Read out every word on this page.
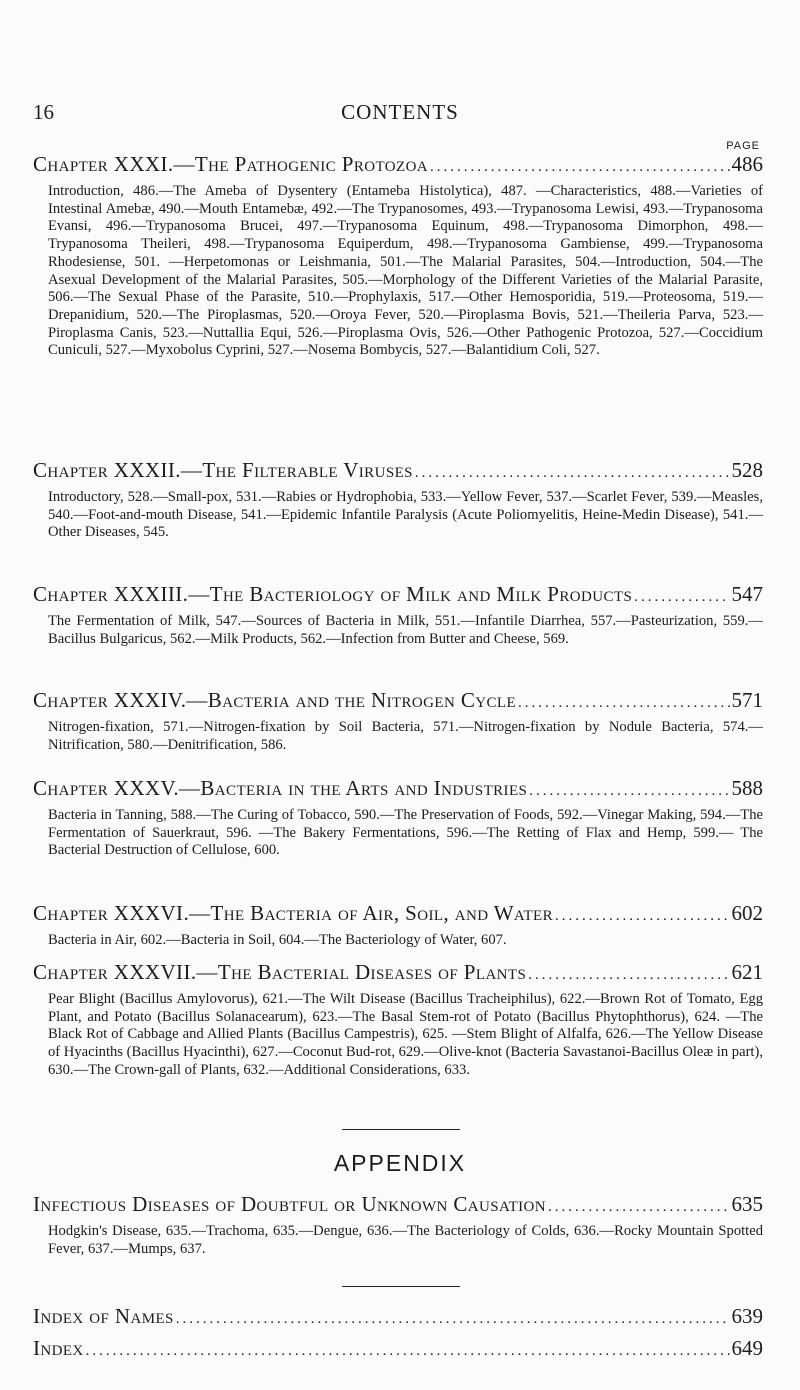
16	CONTENTS
PAGE
Chapter XXXI.—The Pathogenic Protozoa .....	486
Introduction, 486.—The Ameba of Dysentery (Entameba Histolytica), 487. —Characteristics, 488.—Varieties of Intestinal Amebæ, 490.—Mouth Entamebæ, 492.—The Trypanosomes, 493.—Trypanosoma Lewisi, 493.—Trypanosoma Evansi, 496.—Trypanosoma Brucei, 497.—Trypanosoma Equinum, 498.—Trypanosoma Dimorphon, 498.—Trypanosoma Theileri, 498.—Trypanosoma Equiperdum, 498.—Trypanosoma Gambiense, 499.—Trypanosoma Rhodesiense, 501. —Herpetomonas or Leishmania, 501.—The Malarial Parasites, 504.—Introduction, 504.—The Asexual Development of the Malarial Parasites, 505.—Morphology of the Different Varieties of the Malarial Parasite, 506.—The Sexual Phase of the Parasite, 510.—Prophylaxis, 517.—Other Hemosporidia, 519.—Proteosoma, 519.—Drepanidium, 520.—The Piroplasmas, 520.—Oroya Fever, 520.—Piroplasma Bovis, 521.—Theileria Parva, 523.—Piroplasma Canis, 523.—Nuttallia Equi, 526.—Piroplasma Ovis, 526.—Other Pathogenic Protozoa, 527.—Coccidium Cuniculi, 527.—Myxobolus Cyprini, 527.—Nosema Bombycis, 527.—Balantidium Coli, 527.
Chapter XXXII.—The Filterable Viruses .....	528
Introductory, 528.—Small-pox, 531.—Rabies or Hydrophobia, 533.—Yellow Fever, 537.—Scarlet Fever, 539.—Measles, 540.—Foot-and-mouth Disease, 541.—Epidemic Infantile Paralysis (Acute Poliomyelitis, Heine-Medin Disease), 541.—Other Diseases, 545.
Chapter XXXIII.—The Bacteriology of Milk and Milk Products .....	547
The Fermentation of Milk, 547.—Sources of Bacteria in Milk, 551.—Infantile Diarrhea, 557.—Pasteurization, 559.—Bacillus Bulgaricus, 562.—Milk Products, 562.—Infection from Butter and Cheese, 569.
Chapter XXXIV.—Bacteria and the Nitrogen Cycle .....	571
Nitrogen-fixation, 571.—Nitrogen-fixation by Soil Bacteria, 571.—Nitrogen-fixation by Nodule Bacteria, 574.—Nitrification, 580.—Denitrification, 586.
Chapter XXXV.—Bacteria in the Arts and Industries .....	588
Bacteria in Tanning, 588.—The Curing of Tobacco, 590.—The Preservation of Foods, 592.—Vinegar Making, 594.—The Fermentation of Sauerkraut, 596. —The Bakery Fermentations, 596.—The Retting of Flax and Hemp, 599.— The Bacterial Destruction of Cellulose, 600.
Chapter XXXVI.—The Bacteria of Air, Soil, and Water .....	602
Bacteria in Air, 602.—Bacteria in Soil, 604.—The Bacteriology of Water, 607.
Chapter XXXVII.—The Bacterial Diseases of Plants .....	621
Pear Blight (Bacillus Amylovorus), 621.—The Wilt Disease (Bacillus Tracheiphilus), 622.—Brown Rot of Tomato, Egg Plant, and Potato (Bacillus Solanacearum), 623.—The Basal Stem-rot of Potato (Bacillus Phytophthorus), 624. —The Black Rot of Cabbage and Allied Plants (Bacillus Campestris), 625. —Stem Blight of Alfalfa, 626.—The Yellow Disease of Hyacinths (Bacillus Hyacinthi), 627.—Coconut Bud-rot, 629.—Olive-knot (Bacteria Savastanoi-Bacillus Oleæ in part), 630.—The Crown-gall of Plants, 632.—Additional Considerations, 633.
APPENDIX
Infectious Diseases of Doubtful or Unknown Causation .....	635
Hodgkin's Disease, 635.—Trachoma, 635.—Dengue, 636.—The Bacteriology of Colds, 636.—Rocky Mountain Spotted Fever, 637.—Mumps, 637.
Index of Names .....	639
Index .....	649
